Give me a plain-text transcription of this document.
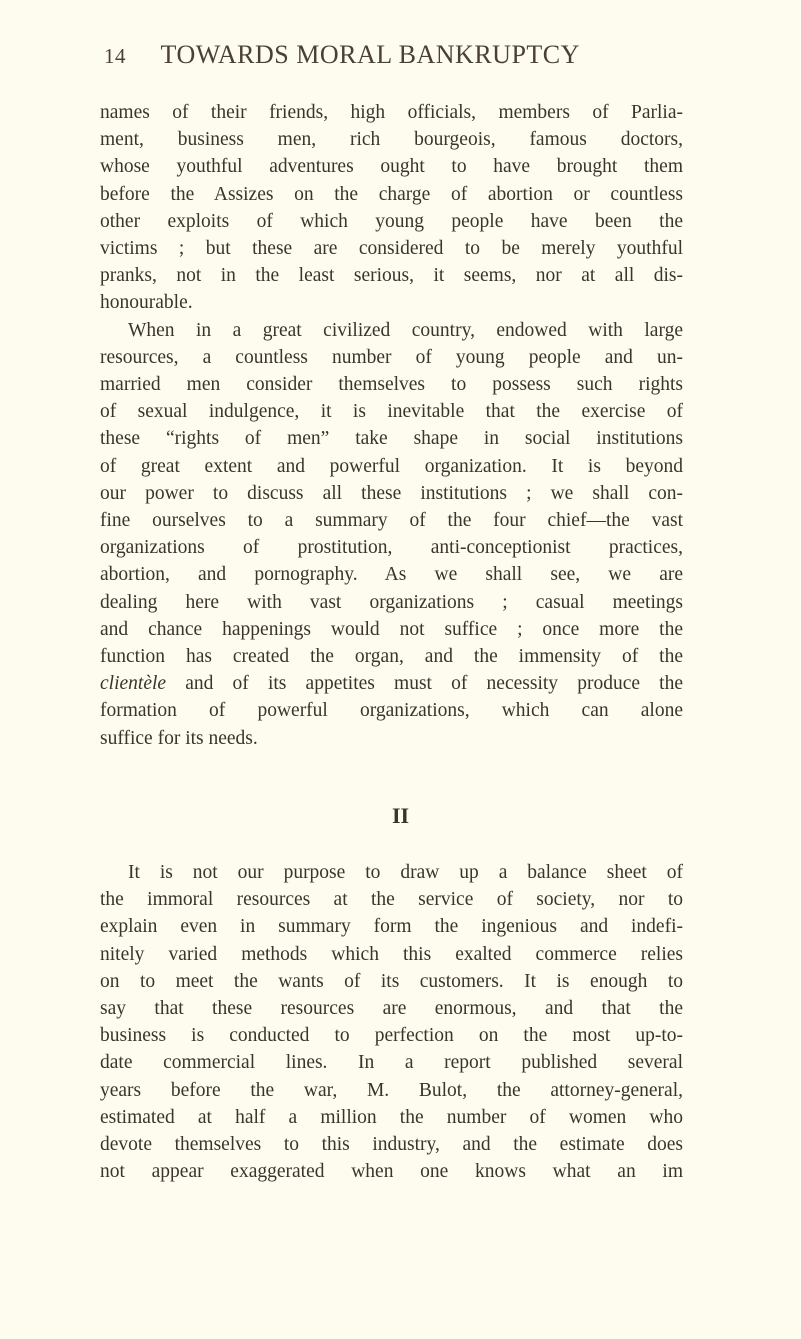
14 TOWARDS MORAL BANKRUPTCY
names of their friends, high officials, members of Parlia-
ment, business men, rich bourgeois, famous doctors,
whose youthful adventures ought to have brought them
before the Assizes on the charge of abortion or countless
other exploits of which young people have been the
victims ; but these are considered to be merely youthful
pranks, not in the least serious, it seems, nor at all dis-
honourable.
When in a great civilized country, endowed with large
resources, a countless number of young people and un-
married men consider themselves to possess such rights
of sexual indulgence, it is inevitable that the exercise of
these “rights of men” take shape in social institutions
of great extent and powerful organization. It is beyond
our power to discuss all these institutions ; we shall con-
fine ourselves to a summary of the four chief—the vast
organizations of prostitution, anti-conceptionist practices,
abortion, and pornography. As we shall see, we are
dealing here with vast organizations ; casual meetings
and chance happenings would not suffice ; once more the
function has created the organ, and the immensity of the
clientèle and of its appetites must of necessity produce the
formation of powerful organizations, which can alone
suffice for its needs.
It is not our purpose to draw up a balance sheet of
the immoral resources at the service of society, nor to
explain even in summary form the ingenious and indefi-
nitely varied methods which this exalted commerce relies
on to meet the wants of its customers. It is enough to
say that these resources are enormous, and that the
business is conducted to perfection on the most up-to-
date commercial lines. In a report published several
years before the war, M. Bulot, the attorney-general,
estimated at half a million the number of women who
devote themselves to this industry, and the estimate does
not appear exaggerated when one knows what an im
II
